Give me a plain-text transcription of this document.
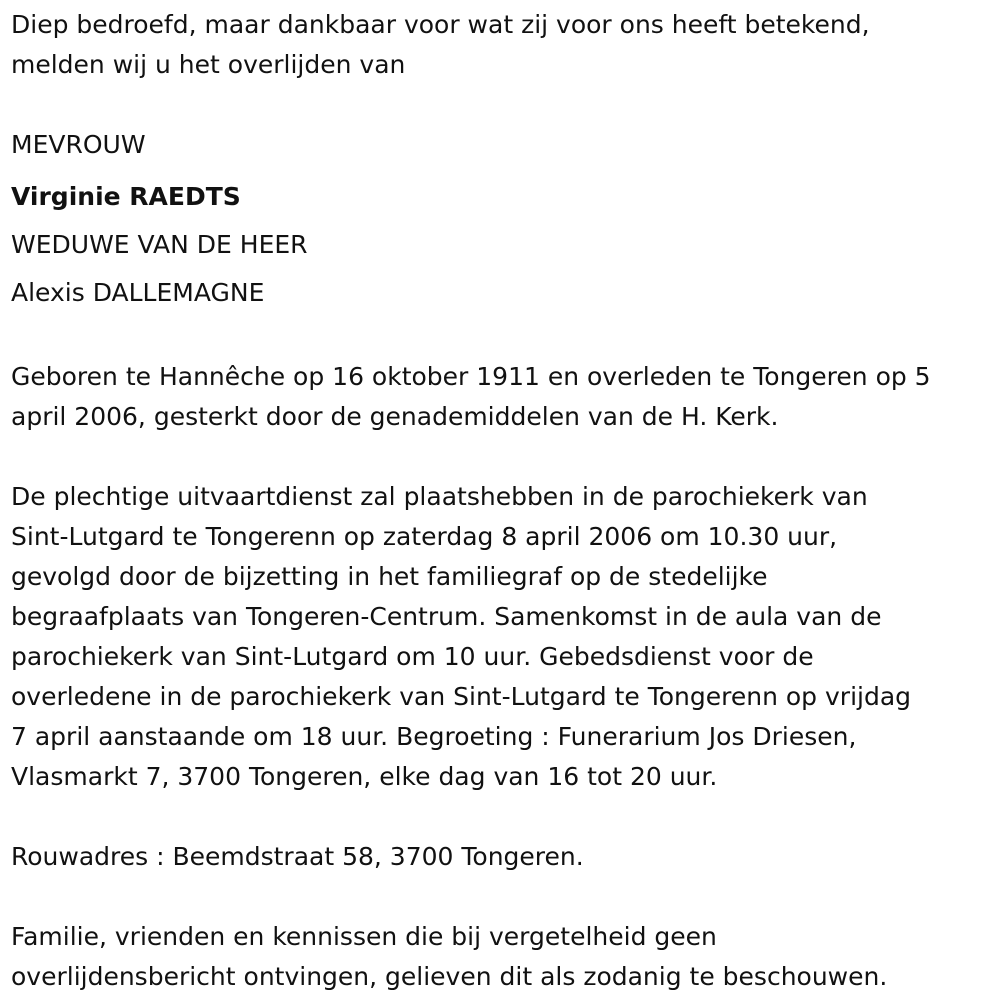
Diep bedroefd, maar dankbaar voor wat zij voor ons heeft betekend,
melden wij u het overlijden van

MEVROUW
Virginie RAEDTS
WEDUWE VAN DE HEER
Alexis DALLEMAGNE

Geboren te Hannêche op 16 oktober 1911 en overleden te Tongeren op 5
april 2006, gesterkt door de genademiddelen van de H. Kerk.

De plechtige uitvaartdienst zal plaatshebben in de parochiekerk van
Sint-Lutgard te Tongerenn op zaterdag 8 april 2006 om 10.30 uur,
gevolgd door de bijzetting in het familiegraf op de stedelijke
begraafplaats van Tongeren-Centrum. Samenkomst in de aula van de
parochiekerk van Sint-Lutgard om 10 uur. Gebedsdienst voor de
overledene in de parochiekerk van Sint-Lutgard te Tongerenn op vrijdag
7 april aanstaande om 18 uur. Begroeting : Funerarium Jos Driesen,
Vlasmarkt 7, 3700 Tongeren, elke dag van 16 tot 20 uur.

Rouwadres : Beemdstraat 58, 3700 Tongeren.

Familie, vrienden en kennissen die bij vergetelheid geen
overlijdensbericht ontvingen, gelieven dit als zodanig te beschouwen.
